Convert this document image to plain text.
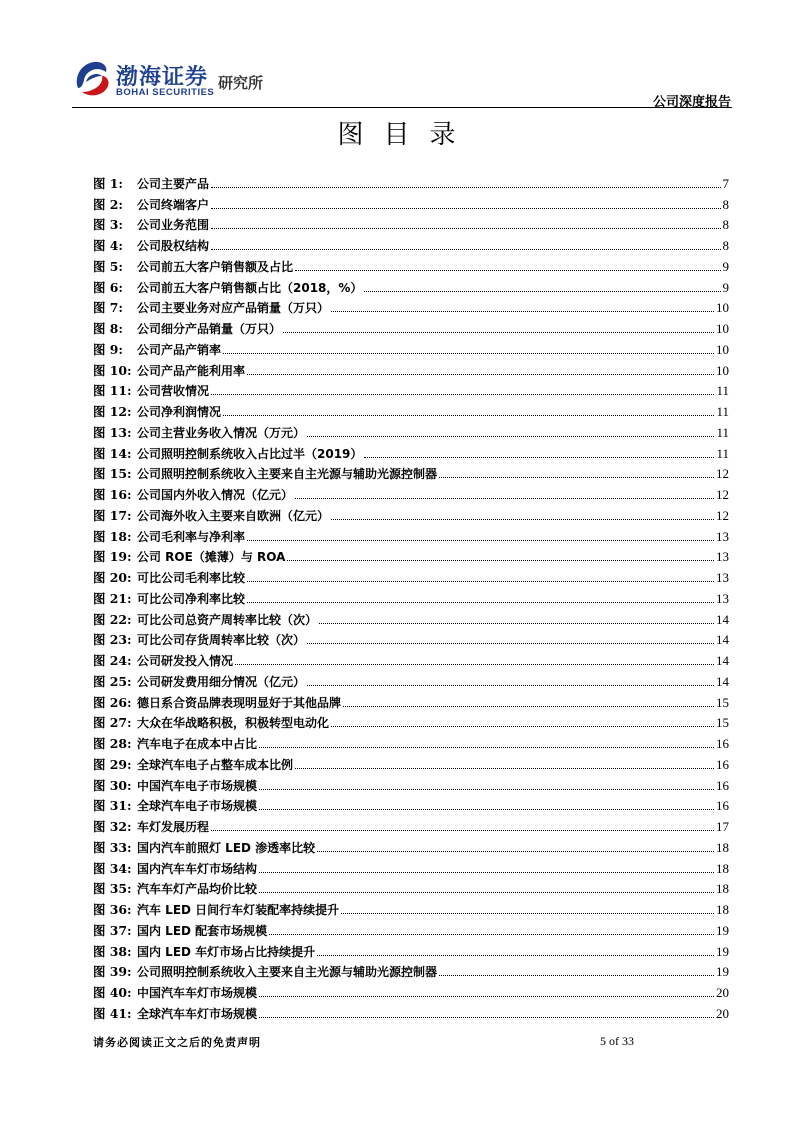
渤海证券
BOHAI SECURITIES
研究所
公司深度报告
图目录
图 1:	公司主要产品	7
图 2:	公司终端客户	8
图 3:	公司业务范围	8
图 4:	公司股权结构	8
图 5:	公司前五大客户销售额及占比	9
图 6:	公司前五大客户销售额占比（2018，%）	9
图 7:	公司主要业务对应产品销量（万只）	10
图 8:	公司细分产品销量（万只）	10
图 9:	公司产品产销率	10
图 10: 公司产品产能利用率	10
图 11: 公司营收情况	11
图 12: 公司净利润情况	11
图 13: 公司主营业务收入情况（万元）	11
图 14: 公司照明控制系统收入占比过半（2019）	11
图 15: 公司照明控制系统收入主要来自主光源与辅助光源控制器	12
图 16: 公司国内外收入情况（亿元）	12
图 17: 公司海外收入主要来自欧洲（亿元）	12
图 18: 公司毛利率与净利率	13
图 19: 公司 ROE（摊薄）与 ROA	13
图 20: 可比公司毛利率比较	13
图 21: 可比公司净利率比较	13
图 22: 可比公司总资产周转率比较（次）	14
图 23: 可比公司存货周转率比较（次）	14
图 24: 公司研发投入情况	14
图 25: 公司研发费用细分情况（亿元）	14
图 26: 德日系合资品牌表现明显好于其他品牌	15
图 27: 大众在华战略积极，积极转型电动化	15
图 28: 汽车电子在成本中占比	16
图 29: 全球汽车电子占整车成本比例	16
图 30: 中国汽车电子市场规模	16
图 31: 全球汽车电子市场规模	16
图 32: 车灯发展历程	17
图 33: 国内汽车前照灯 LED 渗透率比较	18
图 34: 国内汽车车灯市场结构	18
图 35: 汽车车灯产品均价比较	18
图 36: 汽车 LED 日间行车灯装配率持续提升	18
图 37: 国内 LED 配套市场规模	19
图 38: 国内 LED 车灯市场占比持续提升	19
图 39: 公司照明控制系统收入主要来自主光源与辅助光源控制器	19
图 40: 中国汽车车灯市场规模	20
图 41: 全球汽车车灯市场规模	20
请务必阅读正文之后的免责声明	5 of 33
